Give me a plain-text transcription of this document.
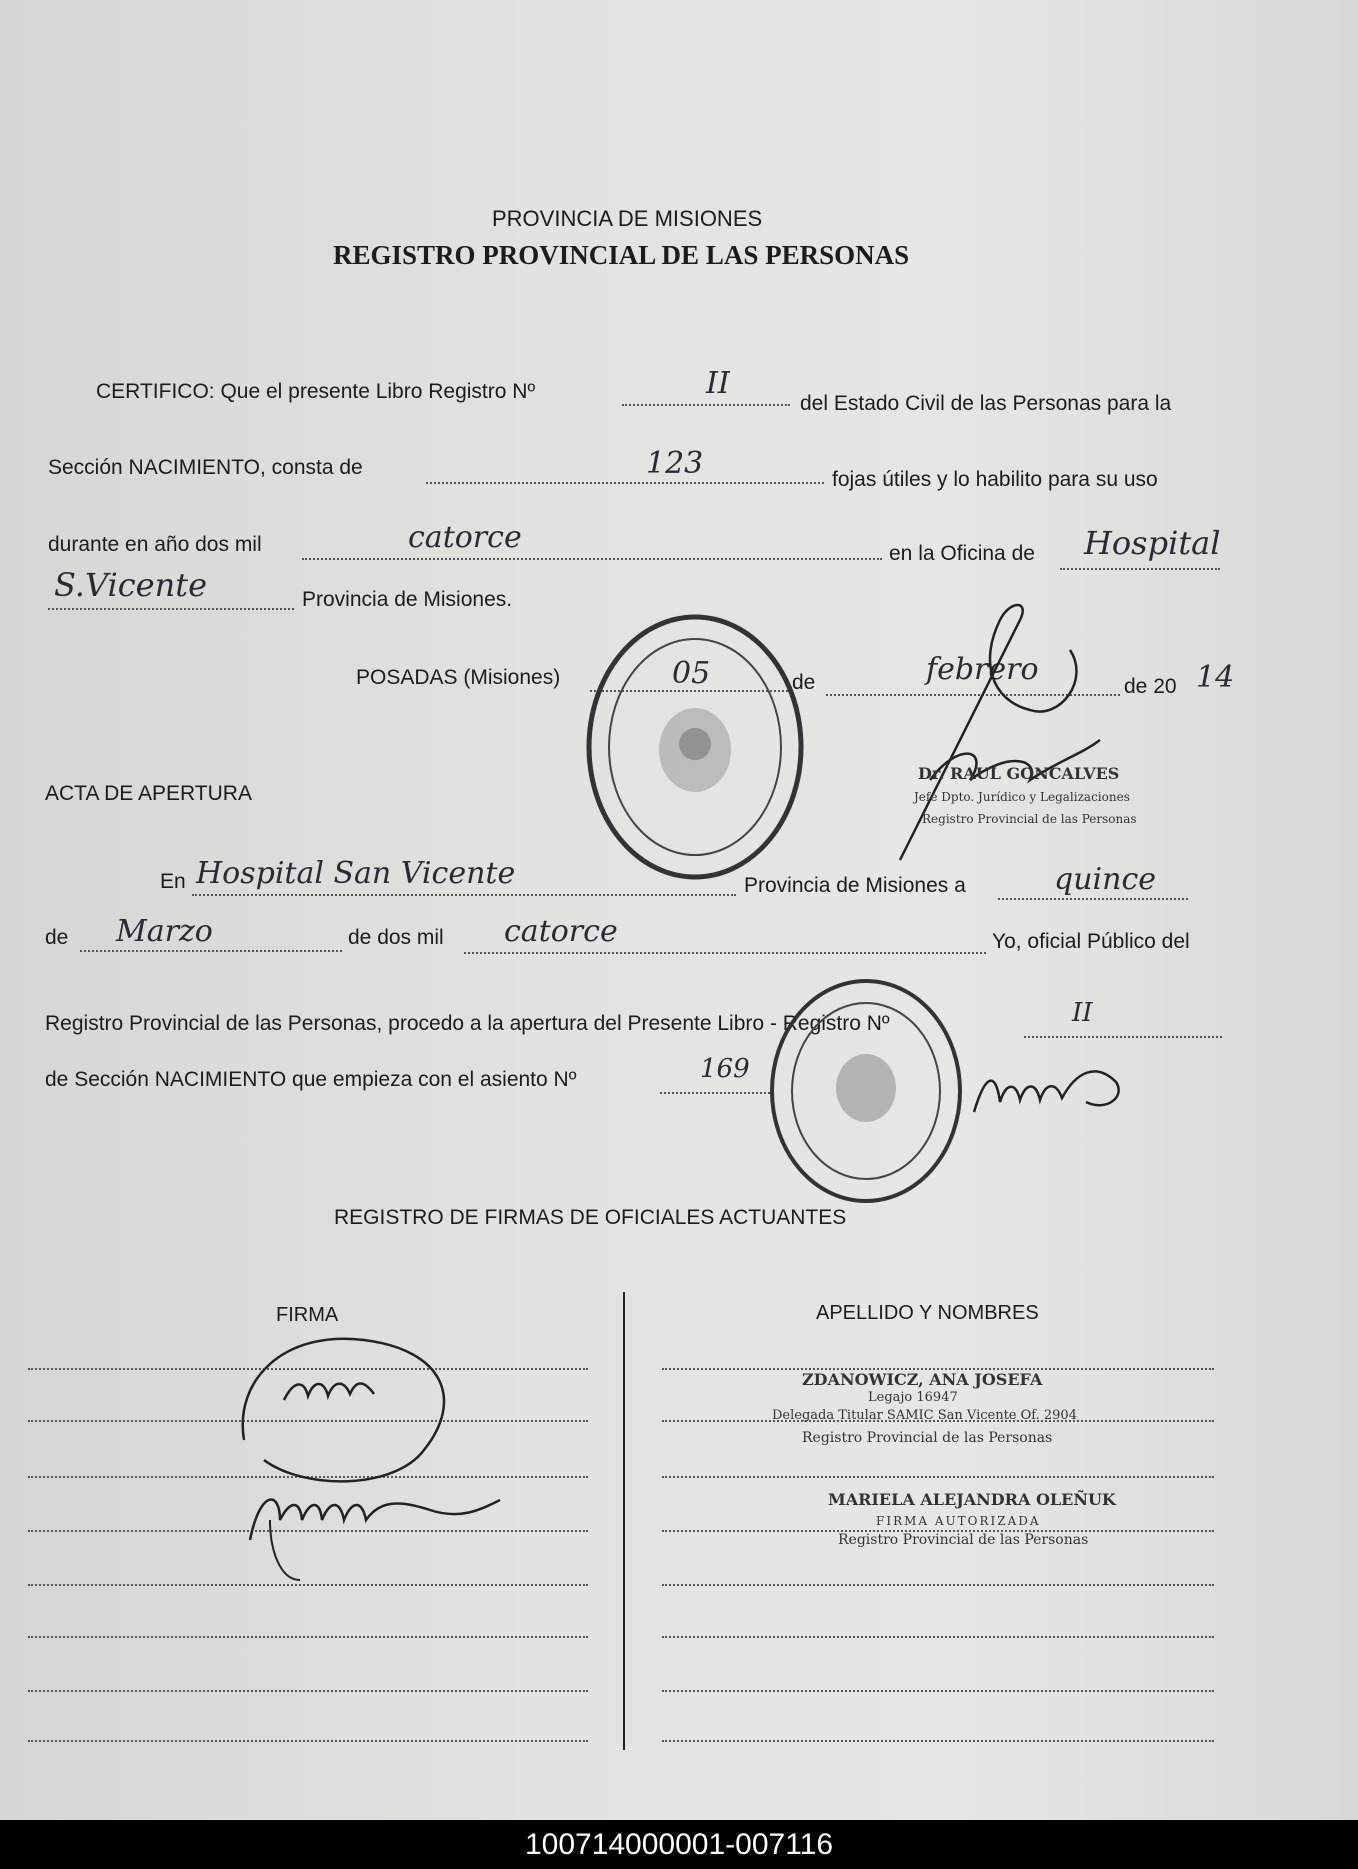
PROVINCIA DE MISIONES
REGISTRO PROVINCIAL DE LAS PERSONAS
CERTIFICO: Que el presente Libro Registro Nº	II
del Estado Civil de las Personas para la
Sección NACIMIENTO, consta de	123	fojas útiles y lo habilito para su uso
durante en año dos mil	catorce	en la Oficina de Hospital
S.Vicente	Provincia de Misiones.
POSADAS (Misiones)	05	de	febrero	de 20 14
ACTA DE APERTURA
En Hospital San Vicente	Provincia de Misiones a	quince
de Marzo	de dos mil catorce	Yo, oficial Público del
Registro Provincial de las Personas, procedo a la apertura del Presente Libro - Registro Nº	II
de Sección NACIMIENTO que empieza con el asiento Nº	169
REGISTRO DE FIRMAS DE OFICIALES ACTUANTES
FIRMA	APELLIDO Y NOMBRES
Dr. RAUL GONCALVES
Jefe Dpto. Jurídico y Legalizaciones
Registro Provincial de las Personas
ZDANOWICZ, ANA JOSEFA
Legajo 16947
Delegada Titular SAMIC San Vicente Of. 2904
Registro Provincial de las Personas
MARIELA ALEJANDRA OLEÑUK
FIRMA AUTORIZADA
Registro Provincial de las Personas
100714000001-007116
